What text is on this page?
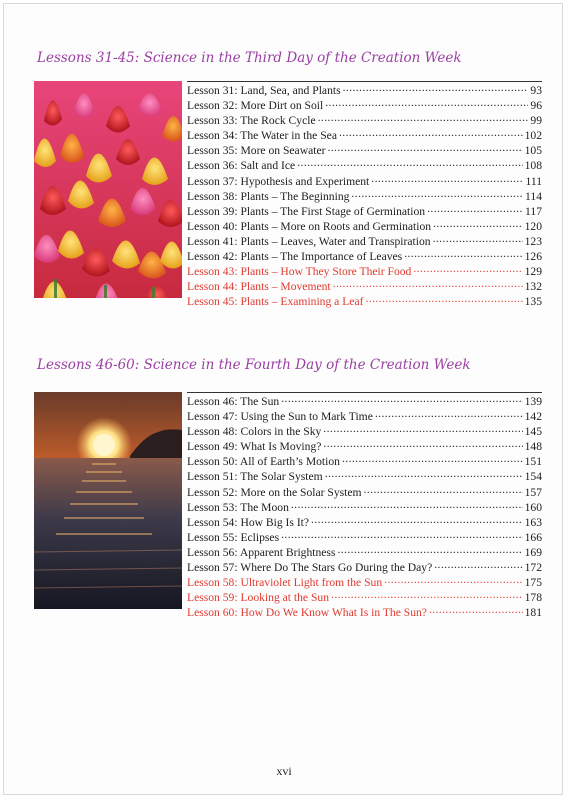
Lessons 31-45: Science in the Third Day of the Creation Week
Lesson 31: Land, Sea, and Plants .....	93
Lesson 32: More Dirt on Soil .....	96
Lesson 33: The Rock Cycle .....	99
Lesson 34: The Water in the Sea .....	102
Lesson 35: More on Seawater .....	105
Lesson 36: Salt and Ice .....	108
Lesson 37: Hypothesis and Experiment .....	111
Lesson 38: Plants – The Beginning .....	114
Lesson 39: Plants – The First Stage of Germination .....	117
Lesson 40: Plants – More on Roots and Germination .....	120
Lesson 41: Plants – Leaves, Water and Transpiration .....	123
Lesson 42: Plants – The Importance of Leaves .....	126
Lesson 43: Plants – How They Store Their Food .....	129
Lesson 44: Plants – Movement .....	132
Lesson 45: Plants – Examining a Leaf .....	135
Lessons 46-60: Science in the Fourth Day of the Creation Week
Lesson 46: The Sun .....	139
Lesson 47: Using the Sun to Mark Time .....	142
Lesson 48: Colors in the Sky .....	145
Lesson 49: What Is Moving? .....	148
Lesson 50: All of Earth’s Motion .....	151
Lesson 51: The Solar System .....	154
Lesson 52: More on the Solar System .....	157
Lesson 53: The Moon .....	160
Lesson 54: How Big Is It? .....	163
Lesson 55: Eclipses .....	166
Lesson 56: Apparent Brightness .....	169
Lesson 57: Where Do The Stars Go During the Day? .....	172
Lesson 58: Ultraviolet Light from the Sun .....	175
Lesson 59: Looking at the Sun .....	178
Lesson 60: How Do We Know What Is in The Sun? .....	181
xvi
